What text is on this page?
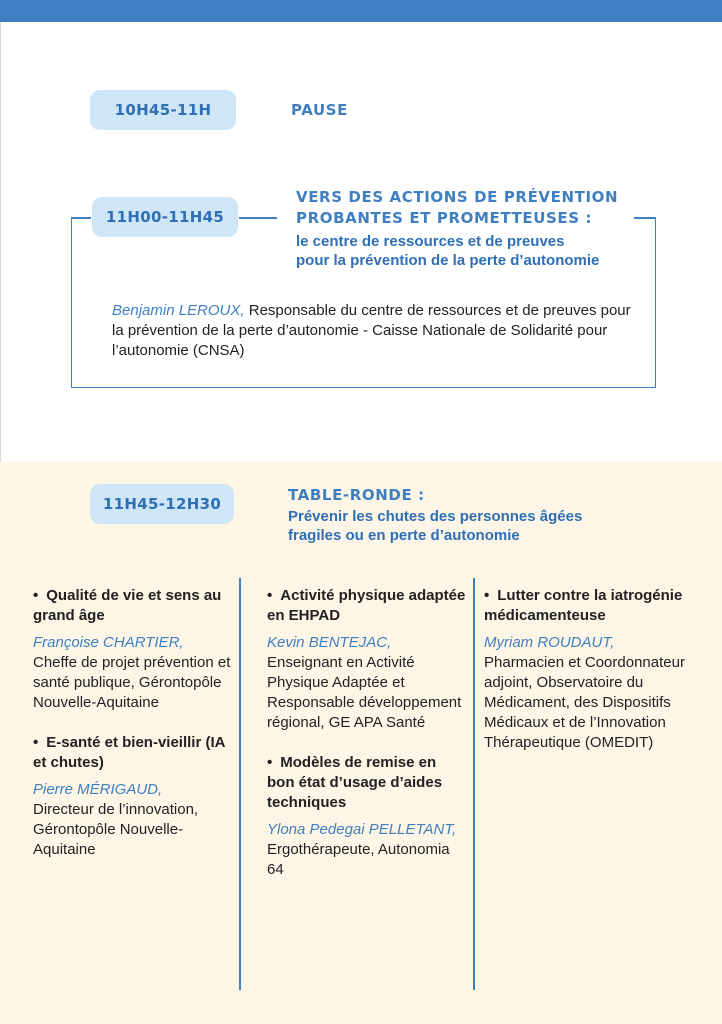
10H45-11H	PAUSE
11H00-11H45
VERS DES ACTIONS DE PRÉVENTION
PROBANTES ET PROMETTEUSES :
le centre de ressources et de preuves
pour la prévention de la perte d’autonomie
Benjamin LEROUX, Responsable du centre de ressources et de preuves pour la prévention de la perte d’autonomie - Caisse Nationale de Solidarité pour l’autonomie (CNSA)
11H45-12H30	TABLE-RONDE :
Prévenir les chutes des personnes âgées
fragiles ou en perte d’autonomie
• Qualité de vie et sens au grand âge
Françoise CHARTIER,
Cheffe de projet prévention et santé publique, Gérontopôle Nouvelle-Aquitaine
• E-santé et bien-vieillir (IA et chutes)
Pierre MÉRIGAUD,
Directeur de l’innovation, Gérontopôle Nouvelle-Aquitaine
• Activité physique adaptée en EHPAD
Kevin BENTEJAC,
Enseignant en Activité Physique Adaptée et Responsable développement régional, GE APA Santé
• Modèles de remise en bon état d’usage d’aides techniques
Ylona Pedegai PELLETANT,
Ergothérapeute, Autonomia 64
• Lutter contre la iatrogénie médicamenteuse
Myriam ROUDAUT,
Pharmacien et Coordonnateur adjoint, Observatoire du Médicament, des Dispositifs Médicaux et de l’Innovation Thérapeutique (OMEDIT)
